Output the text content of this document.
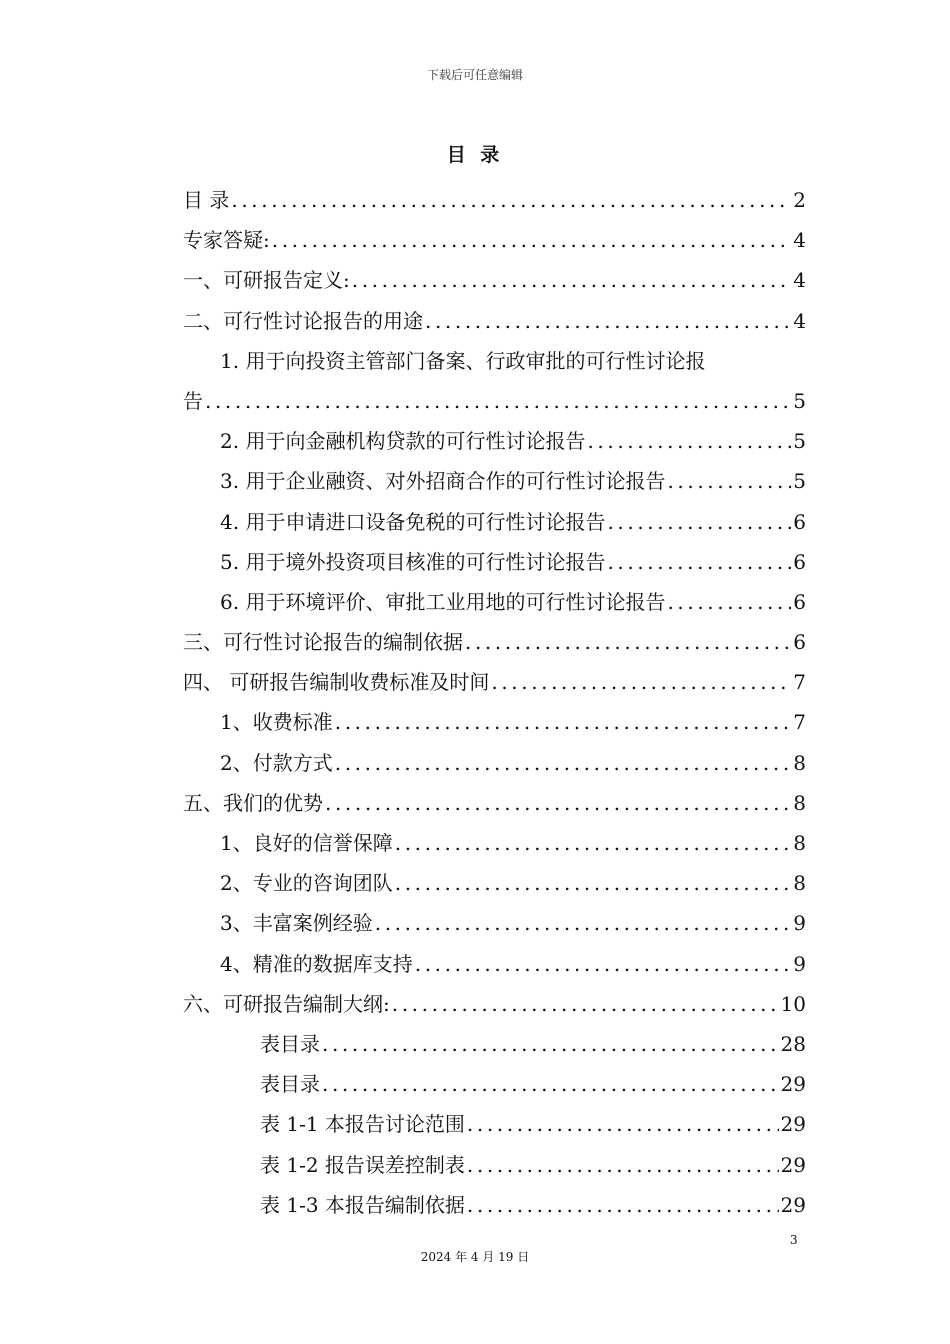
下载后可任意编辑
目 录
目 录 .....	2
专家答疑: .....	4
一、可研报告定义: .....	4
二、可行性讨论报告的用途 .....	4
1. 用于向投资主管部门备案、行政审批的可行性讨论报
告 .....	5
2. 用于向金融机构贷款的可行性讨论报告 .....	5
3. 用于企业融资、对外招商合作的可行性讨论报告 .....	5
4. 用于申请进口设备免税的可行性讨论报告 .....	6
5. 用于境外投资项目核准的可行性讨论报告 .....	6
6. 用于环境评价、审批工业用地的可行性讨论报告 .....	6
三、可行性讨论报告的编制依据 .....	6
四、 可研报告编制收费标准及时间 .....	7
1、收费标准 .....	7
2、付款方式 .....	8
五、我们的优势 .....	8
1、良好的信誉保障 .....	8
2、专业的咨询团队 .....	8
3、丰富案例经验 .....	9
4、精准的数据库支持 .....	9
六、可研报告编制大纲: .....	10
表目录 .....	28
表目录 .....	29
表 1-1 本报告讨论范围 .....	29
表 1-2 报告误差控制表 .....	29
表 1-3 本报告编制依据 .....	29
3
2024 年 4 月 19 日
